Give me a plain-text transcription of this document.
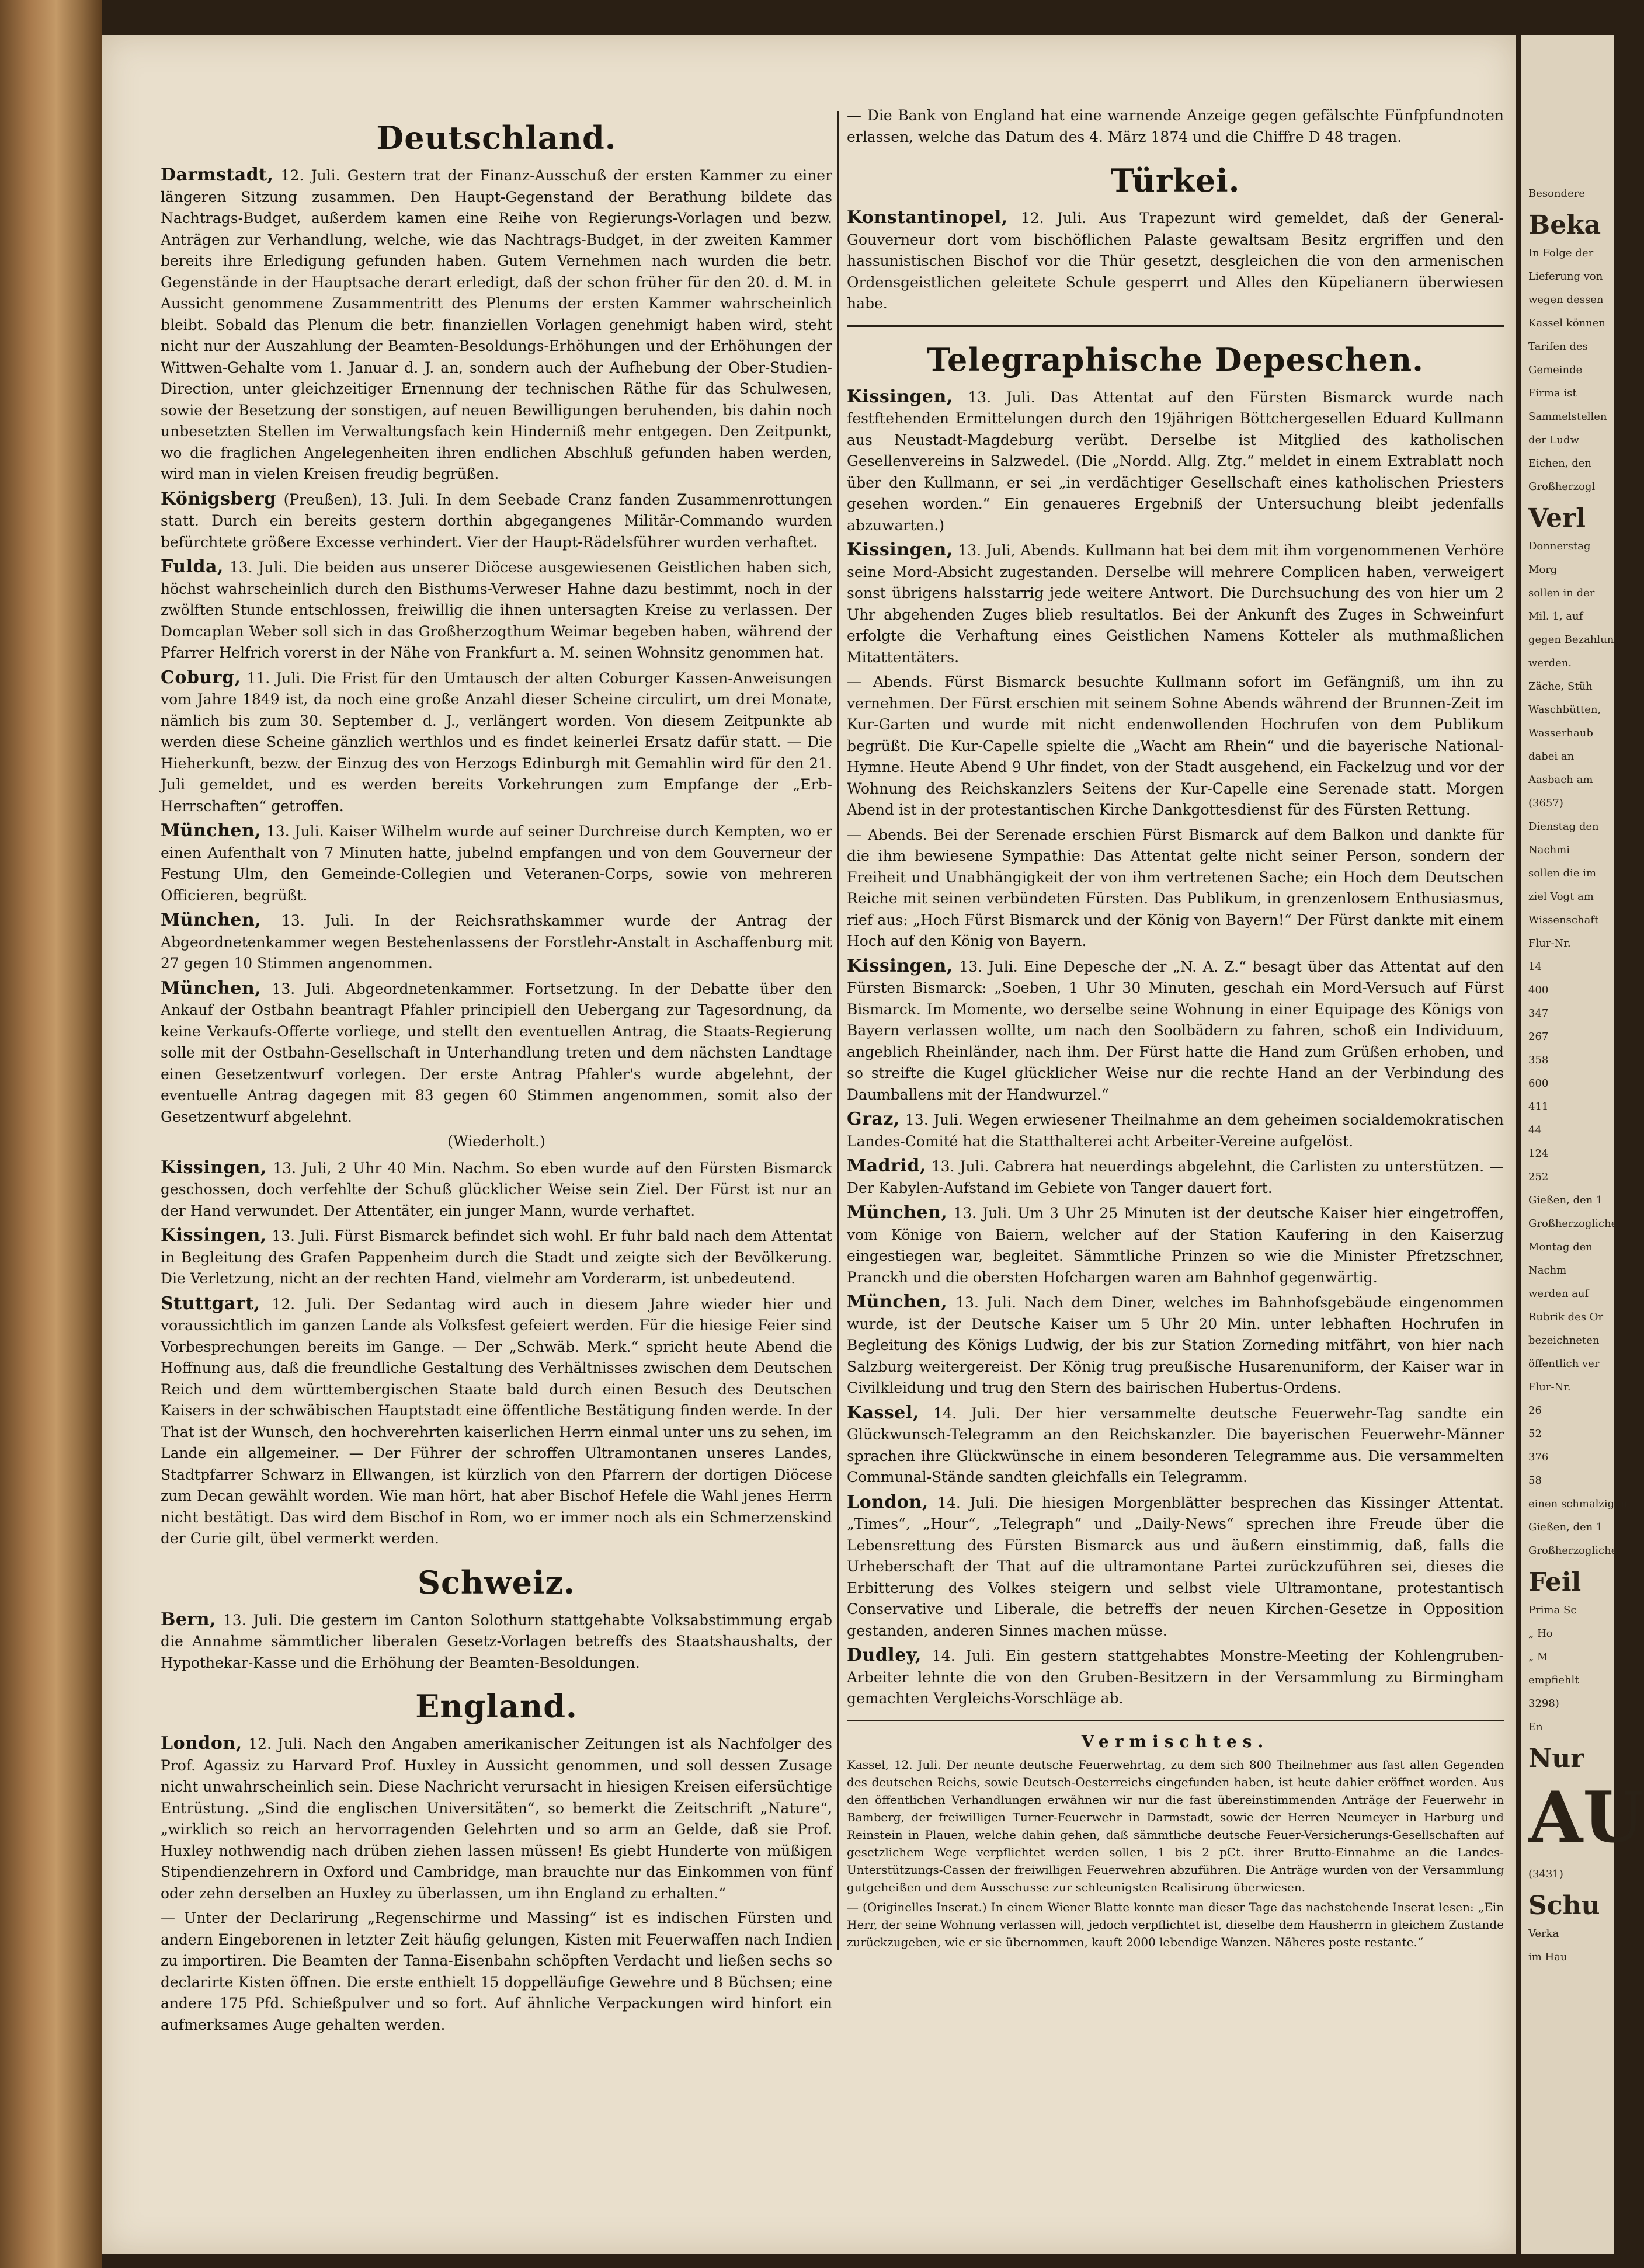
Deutschland.

Darmstadt, 12. Juli. Gestern trat der Finanz-Ausschuß der ersten Kammer zu einer längeren Sitzung zusammen. Den Haupt-Gegenstand der Berathung bildete das Nachtrags-Budget, außerdem kamen eine Reihe von Regierungs-Vorlagen und bezw. Anträgen zur Verhandlung, welche, wie das Nachtrags-Budget, in der zweiten Kammer bereits ihre Erledigung gefunden haben. Gutem Vernehmen nach wurden die betr. Gegenstände in der Hauptsache derart erledigt, daß der schon früher für den 20. d. M. in Aussicht genommene Zusammentritt des Plenums der ersten Kammer wahrscheinlich bleibt. Sobald das Plenum die betr. finanziellen Vorlagen genehmigt haben wird, steht nicht nur der Auszahlung der Beamten-Besoldungs-Erhöhungen und der Erhöhungen der Wittwen-Gehalte vom 1. Januar d. J. an, sondern auch der Aufhebung der Ober-Studien-Direction, unter gleichzeitiger Ernennung der technischen Räthe für das Schulwesen, sowie der Besetzung der sonstigen, auf neuen Bewilligungen beruhenden, bis dahin noch unbesetzten Stellen im Verwaltungsfach kein Hinderniß mehr entgegen. Den Zeitpunkt, wo die fraglichen Angelegenheiten ihren endlichen Abschluß gefunden haben werden, wird man in vielen Kreisen freudig begrüßen.

Königsberg (Preußen), 13. Juli. In dem Seebade Cranz fanden Zusammenrottungen statt. Durch ein bereits gestern dorthin abgegangenes Militär-Commando wurden befürchtete größere Excesse verhindert. Vier der Haupt-Rädelsführer wurden verhaftet.

Fulda, 13. Juli. Die beiden aus unserer Diöcese ausgewiesenen Geistlichen haben sich, höchst wahrscheinlich durch den Bisthums-Verweser Hahne dazu bestimmt, noch in der zwölften Stunde entschlossen, freiwillig die ihnen untersagten Kreise zu verlassen. Der Domcaplan Weber soll sich in das Großherzogthum Weimar begeben haben, während der Pfarrer Helfrich vorerst in der Nähe von Frankfurt a. M. seinen Wohnsitz genommen hat.

Coburg, 11. Juli. Die Frist für den Umtausch der alten Coburger Kassen-Anweisungen vom Jahre 1849 ist, da noch eine große Anzahl dieser Scheine circulirt, um drei Monate, nämlich bis zum 30. September d. J., verlängert worden. Von diesem Zeitpunkte ab werden diese Scheine gänzlich werthlos und es findet keinerlei Ersatz dafür statt. — Die Hieherkunft, bezw. der Einzug des von Herzogs Edinburgh mit Gemahlin wird für den 21. Juli gemeldet, und es werden bereits Vorkehrungen zum Empfange der „Erb-Herrschaften“ getroffen.

München, 13. Juli. Kaiser Wilhelm wurde auf seiner Durchreise durch Kempten, wo er einen Aufenthalt von 7 Minuten hatte, jubelnd empfangen und von dem Gouverneur der Festung Ulm, den Gemeinde-Collegien und Veteranen-Corps, sowie von mehreren Officieren, begrüßt.

München, 13. Juli. In der Reichsrathskammer wurde der Antrag der Abgeordnetenkammer wegen Bestehenlassens der Forstlehr-Anstalt in Aschaffenburg mit 27 gegen 10 Stimmen angenommen.

München, 13. Juli. Abgeordnetenkammer. Fortsetzung. In der Debatte über den Ankauf der Ostbahn beantragt Pfahler principiell den Uebergang zur Tagesordnung, da keine Verkaufs-Offerte vorliege, und stellt den eventuellen Antrag, die Staats-Regierung solle mit der Ostbahn-Gesellschaft in Unterhandlung treten und dem nächsten Landtage einen Gesetzentwurf vorlegen. Der erste Antrag Pfahler's wurde abgelehnt, der eventuelle Antrag dagegen mit 83 gegen 60 Stimmen angenommen, somit also der Gesetzentwurf abgelehnt.

(Wiederholt.)

Kissingen, 13. Juli, 2 Uhr 40 Min. Nachm. So eben wurde auf den Fürsten Bismarck geschossen, doch verfehlte der Schuß glücklicher Weise sein Ziel. Der Fürst ist nur an der Hand verwundet. Der Attentäter, ein junger Mann, wurde verhaftet.

Kissingen, 13. Juli. Fürst Bismarck befindet sich wohl. Er fuhr bald nach dem Attentat in Begleitung des Grafen Pappenheim durch die Stadt und zeigte sich der Bevölkerung. Die Verletzung, nicht an der rechten Hand, vielmehr am Vorderarm, ist unbedeutend.

Stuttgart, 12. Juli. Der Sedantag wird auch in diesem Jahre wieder hier und voraussichtlich im ganzen Lande als Volksfest gefeiert werden. Für die hiesige Feier sind Vorbesprechungen bereits im Gange. — Der „Schwäb. Merk.“ spricht heute Abend die Hoffnung aus, daß die freundliche Gestaltung des Verhältnisses zwischen dem Deutschen Reich und dem württembergischen Staate bald durch einen Besuch des Deutschen Kaisers in der schwäbischen Hauptstadt eine öffentliche Bestätigung finden werde. In der That ist der Wunsch, den hochverehrten kaiserlichen Herrn einmal unter uns zu sehen, im Lande ein allgemeiner. — Der Führer der schroffen Ultramontanen unseres Landes, Stadtpfarrer Schwarz in Ellwangen, ist kürzlich von den Pfarrern der dortigen Diöcese zum Decan gewählt worden. Wie man hört, hat aber Bischof Hefele die Wahl jenes Herrn nicht bestätigt. Das wird dem Bischof in Rom, wo er immer noch als ein Schmerzenskind der Curie gilt, übel vermerkt werden.

Schweiz.

Bern, 13. Juli. Die gestern im Canton Solothurn stattgehabte Volksabstimmung ergab die Annahme sämmtlicher liberalen Gesetz-Vorlagen betreffs des Staatshaushalts, der Hypothekar-Kasse und die Erhöhung der Beamten-Besoldungen.

England.

London, 12. Juli. Nach den Angaben amerikanischer Zeitungen ist als Nachfolger des Prof. Agassiz zu Harvard Prof. Huxley in Aussicht genommen, und soll dessen Zusage nicht unwahrscheinlich sein. Diese Nachricht verursacht in hiesigen Kreisen eifersüchtige Entrüstung. „Sind die englischen Universitäten“, so bemerkt die Zeitschrift „Nature“, „wirklich so reich an hervorragenden Gelehrten und so arm an Gelde, daß sie Prof. Huxley nothwendig nach drüben ziehen lassen müssen! Es giebt Hunderte von müßigen Stipendienzehrern in Oxford und Cambridge, man brauchte nur das Einkommen von fünf oder zehn derselben an Huxley zu überlassen, um ihn England zu erhalten.“

— Unter der Declarirung „Regenschirme und Massing“ ist es indischen Fürsten und andern Eingeborenen in letzter Zeit häufig gelungen, Kisten mit Feuerwaffen nach Indien zu importiren. Die Beamten der Tanna-Eisenbahn schöpften Verdacht und ließen sechs so declarirte Kisten öffnen. Die erste enthielt 15 doppelläufige Gewehre und 8 Büchsen; eine andere 175 Pfd. Schießpulver und so fort. Auf ähnliche Verpackungen wird hinfort ein aufmerksames Auge gehalten werden.

— Die Bank von England hat eine warnende Anzeige gegen gefälschte Fünfpfundnoten erlassen, welche das Datum des 4. März 1874 und die Chiffre D 48 tragen.

Türkei.

Konstantinopel, 12. Juli. Aus Trapezunt wird gemeldet, daß der General-Gouverneur dort vom bischöflichen Palaste gewaltsam Besitz ergriffen und den hassunistischen Bischof vor die Thür gesetzt, desgleichen die von den armenischen Ordensgeistlichen geleitete Schule gesperrt und Alles den Küpelianern überwiesen habe.

Telegraphische Depeschen.

Kissingen, 13. Juli. Das Attentat auf den Fürsten Bismarck wurde nach festftehenden Ermittelungen durch den 19jährigen Böttchergesellen Eduard Kullmann aus Neustadt-Magdeburg verübt. Derselbe ist Mitglied des katholischen Gesellenvereins in Salzwedel. (Die „Nordd. Allg. Ztg.“ meldet in einem Extrablatt noch über den Kullmann, er sei „in verdächtiger Gesellschaft eines katholischen Priesters gesehen worden.“ Ein genaueres Ergebniß der Untersuchung bleibt jedenfalls abzuwarten.)

Kissingen, 13. Juli, Abends. Kullmann hat bei dem mit ihm vorgenommenen Verhöre seine Mord-Absicht zugestanden. Derselbe will mehrere Complicen haben, verweigert sonst übrigens halsstarrig jede weitere Antwort. Die Durchsuchung des von hier um 2 Uhr abgehenden Zuges blieb resultatlos. Bei der Ankunft des Zuges in Schweinfurt erfolgte die Verhaftung eines Geistlichen Namens Kotteler als muthmaßlichen Mitattentäters.

— Abends. Fürst Bismarck besuchte Kullmann sofort im Gefängniß, um ihn zu vernehmen. Der Fürst erschien mit seinem Sohne Abends während der Brunnen-Zeit im Kur-Garten und wurde mit nicht endenwollenden Hochrufen von dem Publikum begrüßt. Die Kur-Capelle spielte die „Wacht am Rhein“ und die bayerische National-Hymne. Heute Abend 9 Uhr findet, von der Stadt ausgehend, ein Fackelzug und vor der Wohnung des Reichskanzlers Seitens der Kur-Capelle eine Serenade statt. Morgen Abend ist in der protestantischen Kirche Dankgottesdienst für des Fürsten Rettung.

— Abends. Bei der Serenade erschien Fürst Bismarck auf dem Balkon und dankte für die ihm bewiesene Sympathie: Das Attentat gelte nicht seiner Person, sondern der Freiheit und Unabhängigkeit der von ihm vertretenen Sache; ein Hoch dem Deutschen Reiche mit seinen verbündeten Fürsten. Das Publikum, in grenzenlosem Enthusiasmus, rief aus: „Hoch Fürst Bismarck und der König von Bayern!“ Der Fürst dankte mit einem Hoch auf den König von Bayern.

Kissingen, 13. Juli. Eine Depesche der „N. A. Z.“ besagt über das Attentat auf den Fürsten Bismarck: „Soeben, 1 Uhr 30 Minuten, geschah ein Mord-Versuch auf Fürst Bismarck. Im Momente, wo derselbe seine Wohnung in einer Equipage des Königs von Bayern verlassen wollte, um nach den Soolbädern zu fahren, schoß ein Individuum, angeblich Rheinländer, nach ihm. Der Fürst hatte die Hand zum Grüßen erhoben, und so streifte die Kugel glücklicher Weise nur die rechte Hand an der Verbindung des Daumballens mit der Handwurzel.“

Graz, 13. Juli. Wegen erwiesener Theilnahme an dem geheimen socialdemokratischen Landes-Comité hat die Statthalterei acht Arbeiter-Vereine aufgelöst.

Madrid, 13. Juli. Cabrera hat neuerdings abgelehnt, die Carlisten zu unterstützen. — Der Kabylen-Aufstand im Gebiete von Tanger dauert fort.

München, 13. Juli. Um 3 Uhr 25 Minuten ist der deutsche Kaiser hier eingetroffen, vom Könige von Baiern, welcher auf der Station Kaufering in den Kaiserzug eingestiegen war, begleitet. Sämmtliche Prinzen so wie die Minister Pfretzschner, Pranckh und die obersten Hofchargen waren am Bahnhof gegenwärtig.

München, 13. Juli. Nach dem Diner, welches im Bahnhofsgebäude eingenommen wurde, ist der Deutsche Kaiser um 5 Uhr 20 Min. unter lebhaften Hochrufen in Begleitung des Königs Ludwig, der bis zur Station Zorneding mitfährt, von hier nach Salzburg weitergereist. Der König trug preußische Husarenuniform, der Kaiser war in Civilkleidung und trug den Stern des bairischen Hubertus-Ordens.

Kassel, 14. Juli. Der hier versammelte deutsche Feuerwehr-Tag sandte ein Glückwunsch-Telegramm an den Reichskanzler. Die bayerischen Feuerwehr-Männer sprachen ihre Glückwünsche in einem besonderen Telegramme aus. Die versammelten Communal-Stände sandten gleichfalls ein Telegramm.

London, 14. Juli. Die hiesigen Morgenblätter besprechen das Kissinger Attentat. „Times“, „Hour“, „Telegraph“ und „Daily-News“ sprechen ihre Freude über die Lebensrettung des Fürsten Bismarck aus und äußern einstimmig, daß, falls die Urheberschaft der That auf die ultramontane Partei zurückzuführen sei, dieses die Erbitterung des Volkes steigern und selbst viele Ultramontane, protestantisch Conservative und Liberale, die betreffs der neuen Kirchen-Gesetze in Opposition gestanden, anderen Sinnes machen müsse.

Dudley, 14. Juli. Ein gestern stattgehabtes Monstre-Meeting der Kohlengruben-Arbeiter lehnte die von den Gruben-Besitzern in der Versammlung zu Birmingham gemachten Vergleichs-Vorschläge ab.

Vermischtes.

Kassel, 12. Juli. Der neunte deutsche Feuerwehrtag, zu dem sich 800 Theilnehmer aus fast allen Gegenden des deutschen Reichs, sowie Deutsch-Oesterreichs eingefunden haben, ist heute dahier eröffnet worden. Aus den öffentlichen Verhandlungen erwähnen wir nur die fast übereinstimmenden Anträge der Feuerwehr in Bamberg, der freiwilligen Turner-Feuerwehr in Darmstadt, sowie der Herren Neumeyer in Harburg und Reinstein in Plauen, welche dahin gehen, daß sämmtliche deutsche Feuer-Versicherungs-Gesellschaften auf gesetzlichem Wege verpflichtet werden sollen, 1 bis 2 pCt. ihrer Brutto-Einnahme an die Landes-Unterstützungs-Cassen der freiwilligen Feuerwehren abzuführen. Die Anträge wurden von der Versammlung gutgeheißen und dem Ausschusse zur schleunigsten Realisirung überwiesen.

— (Originelles Inserat.) In einem Wiener Blatte konnte man dieser Tage das nachstehende Inserat lesen: „Ein Herr, der seine Wohnung verlassen will, jedoch verpflichtet ist, dieselbe dem Hausherrn in gleichem Zustande zurückzugeben, wie er sie übernommen, kauft 2000 lebendige Wanzen. Näheres poste restante.“

Besondere
Beka
In Folge der
Lieferung von
wegen dessen
Kassel können
Tarifen des
Gemeinde
Firma ist
Sammelstellen
der Ludw
Eichen, den
Großherzogl
Verl
Donnerstag
Morg
sollen in der
Mil. 1, auf
gegen Bezahlung
werden.
Zäche, Stüh
Waschbütten,
Wasserhaub
dabei an
Aasbach am
(3657)
Dienstag den
Nachmi
sollen die im
ziel Vogt am
Wissenschaft
Flur-Nr.
14
400
347
267
358
600
411
44
124
252
Gießen, den 1
Großherzogliche
Montag den
Nachm
werden auf
Rubrik des Or
bezeichneten
öffentlich ver
Flur-Nr.
26
52
376
58
einen schmalzigen
Gießen, den 1
Großherzogliche
Feil
Prima Sc
„ Ho
„ M
empfiehlt
3298)
En
Nur
AU
(3431)
Schu
Verka
im Hau
